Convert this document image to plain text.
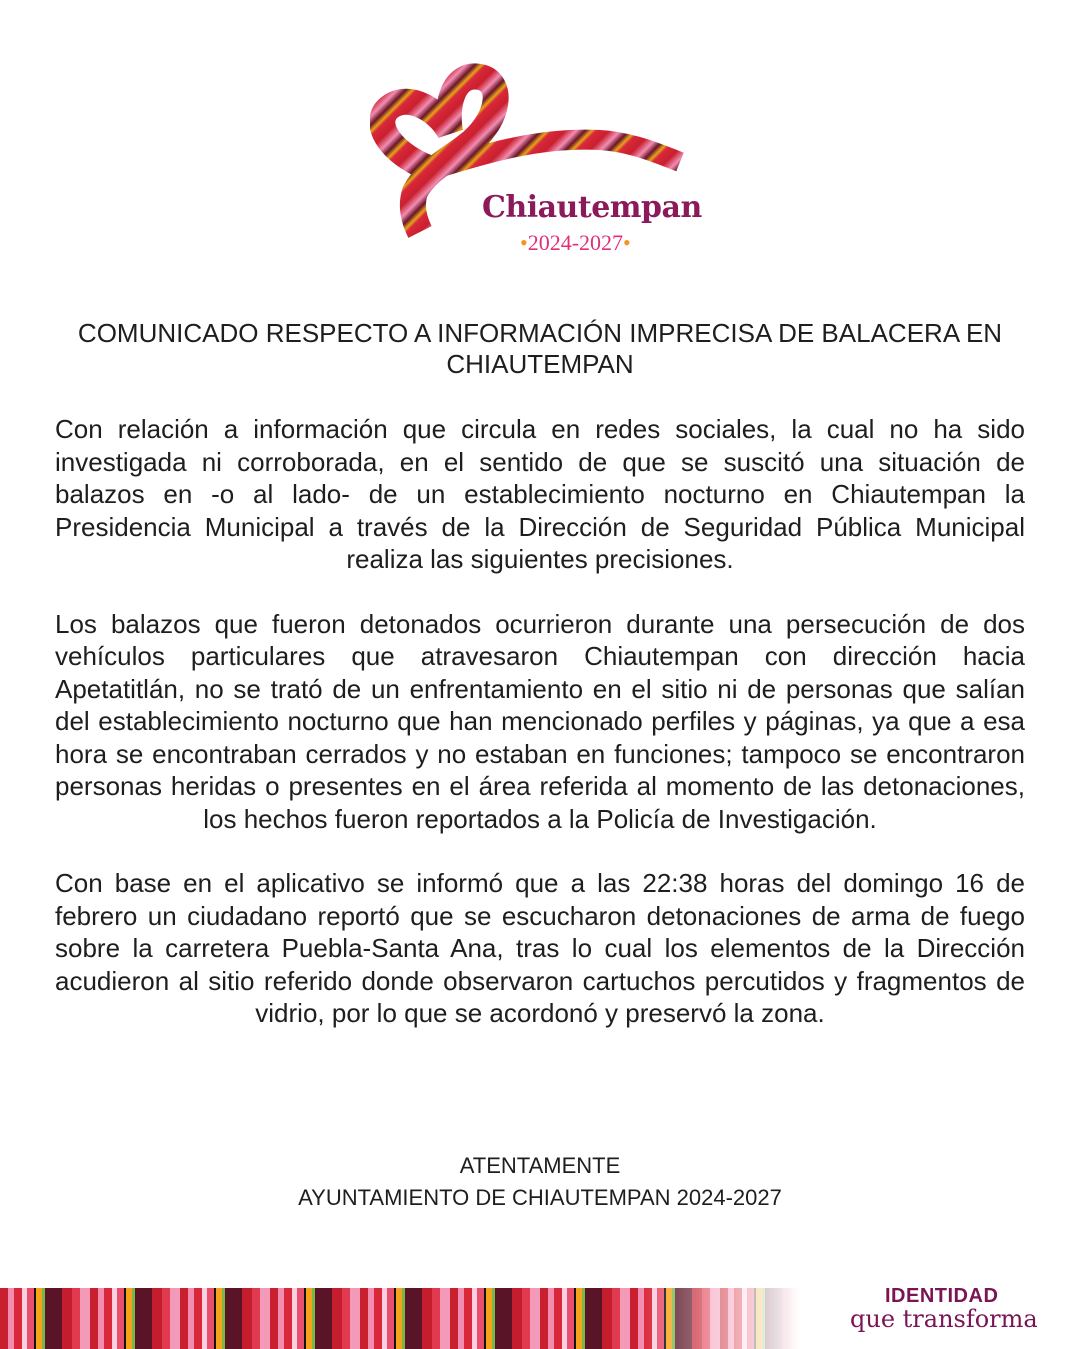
Chiautempan
•2024-2027•
COMUNICADO RESPECTO A INFORMACIÓN IMPRECISA DE BALACERA EN CHIAUTEMPAN

Con relación a información que circula en redes sociales, la cual no ha sido investigada ni corroborada, en el sentido de que se suscitó una situación de balazos en -o al lado- de un establecimiento nocturno en Chiautempan la Presidencia Municipal a través de la Dirección de Seguridad Pública Municipal realiza las siguientes precisiones.

Los balazos que fueron detonados ocurrieron durante una persecución de dos vehículos particulares que atravesaron Chiautempan con dirección hacia Apetatitlán, no se trató de un enfrentamiento en el sitio ni de personas que salían del establecimiento nocturno que han mencionado perfiles y páginas, ya que a esa hora se encontraban cerrados y no estaban en funciones; tampoco se encontraron personas heridas o presentes en el área referida al momento de las detonaciones, los hechos fueron reportados a la Policía de Investigación.

Con base en el aplicativo se informó que a las 22:38 horas del domingo 16 de febrero un ciudadano reportó que se escucharon detonaciones de arma de fuego sobre la carretera Puebla-Santa Ana, tras lo cual los elementos de la Dirección acudieron al sitio referido donde observaron cartuchos percutidos y fragmentos de vidrio, por lo que se acordonó y preservó la zona.

ATENTAMENTE
AYUNTAMIENTO DE CHIAUTEMPAN 2024-2027
IDENTIDAD
que transforma
